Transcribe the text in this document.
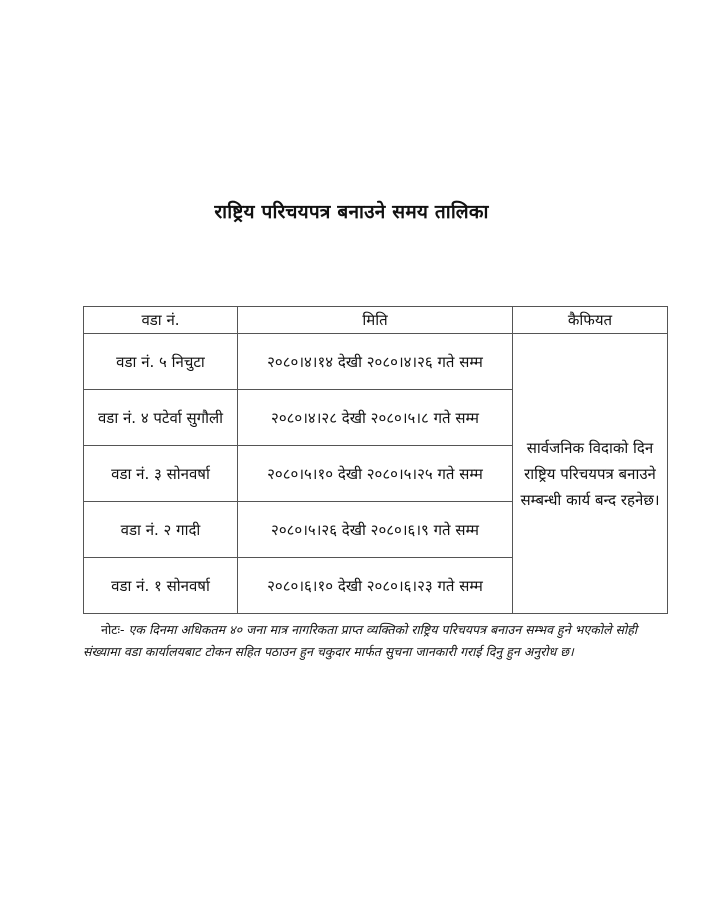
राष्ट्रिय परिचयपत्र बनाउने समय तालिका
वडा नं.	मिति	कैफियत
वडा नं. ५ निचुटा	२०८०।४।१४ देखी २०८०।४।२६ गते सम्म	सार्वजनिक विदाको दिन राष्ट्रिय परिचयपत्र बनाउने सम्बन्धी कार्य बन्द रहनेछ।
वडा नं. ४ पटेर्वा सुगौली	२०८०।४।२८ देखी २०८०।५।८ गते सम्म	
वडा नं. ३ सोनवर्षा	२०८०।५।१० देखी २०८०।५।२५ गते सम्म	
वडा नं. २ गादी	२०८०।५।२६ देखी २०८०।६।९ गते सम्म	
वडा नं. १ सोनवर्षा	२०८०।६।१० देखी २०८०।६।२३ गते सम्म	
नोटः- एक दिनमा अधिकतम ४० जना मात्र नागरिकता प्राप्त व्यक्तिको राष्ट्रिय परिचयपत्र बनाउन सम्भव हुने भएकोले सोही संख्यामा वडा कार्यालयबाट टोकन सहित पठाउन हुन चकुदार मार्फत सुचना जानकारी गराई दिनु हुन अनुरोध छ।
